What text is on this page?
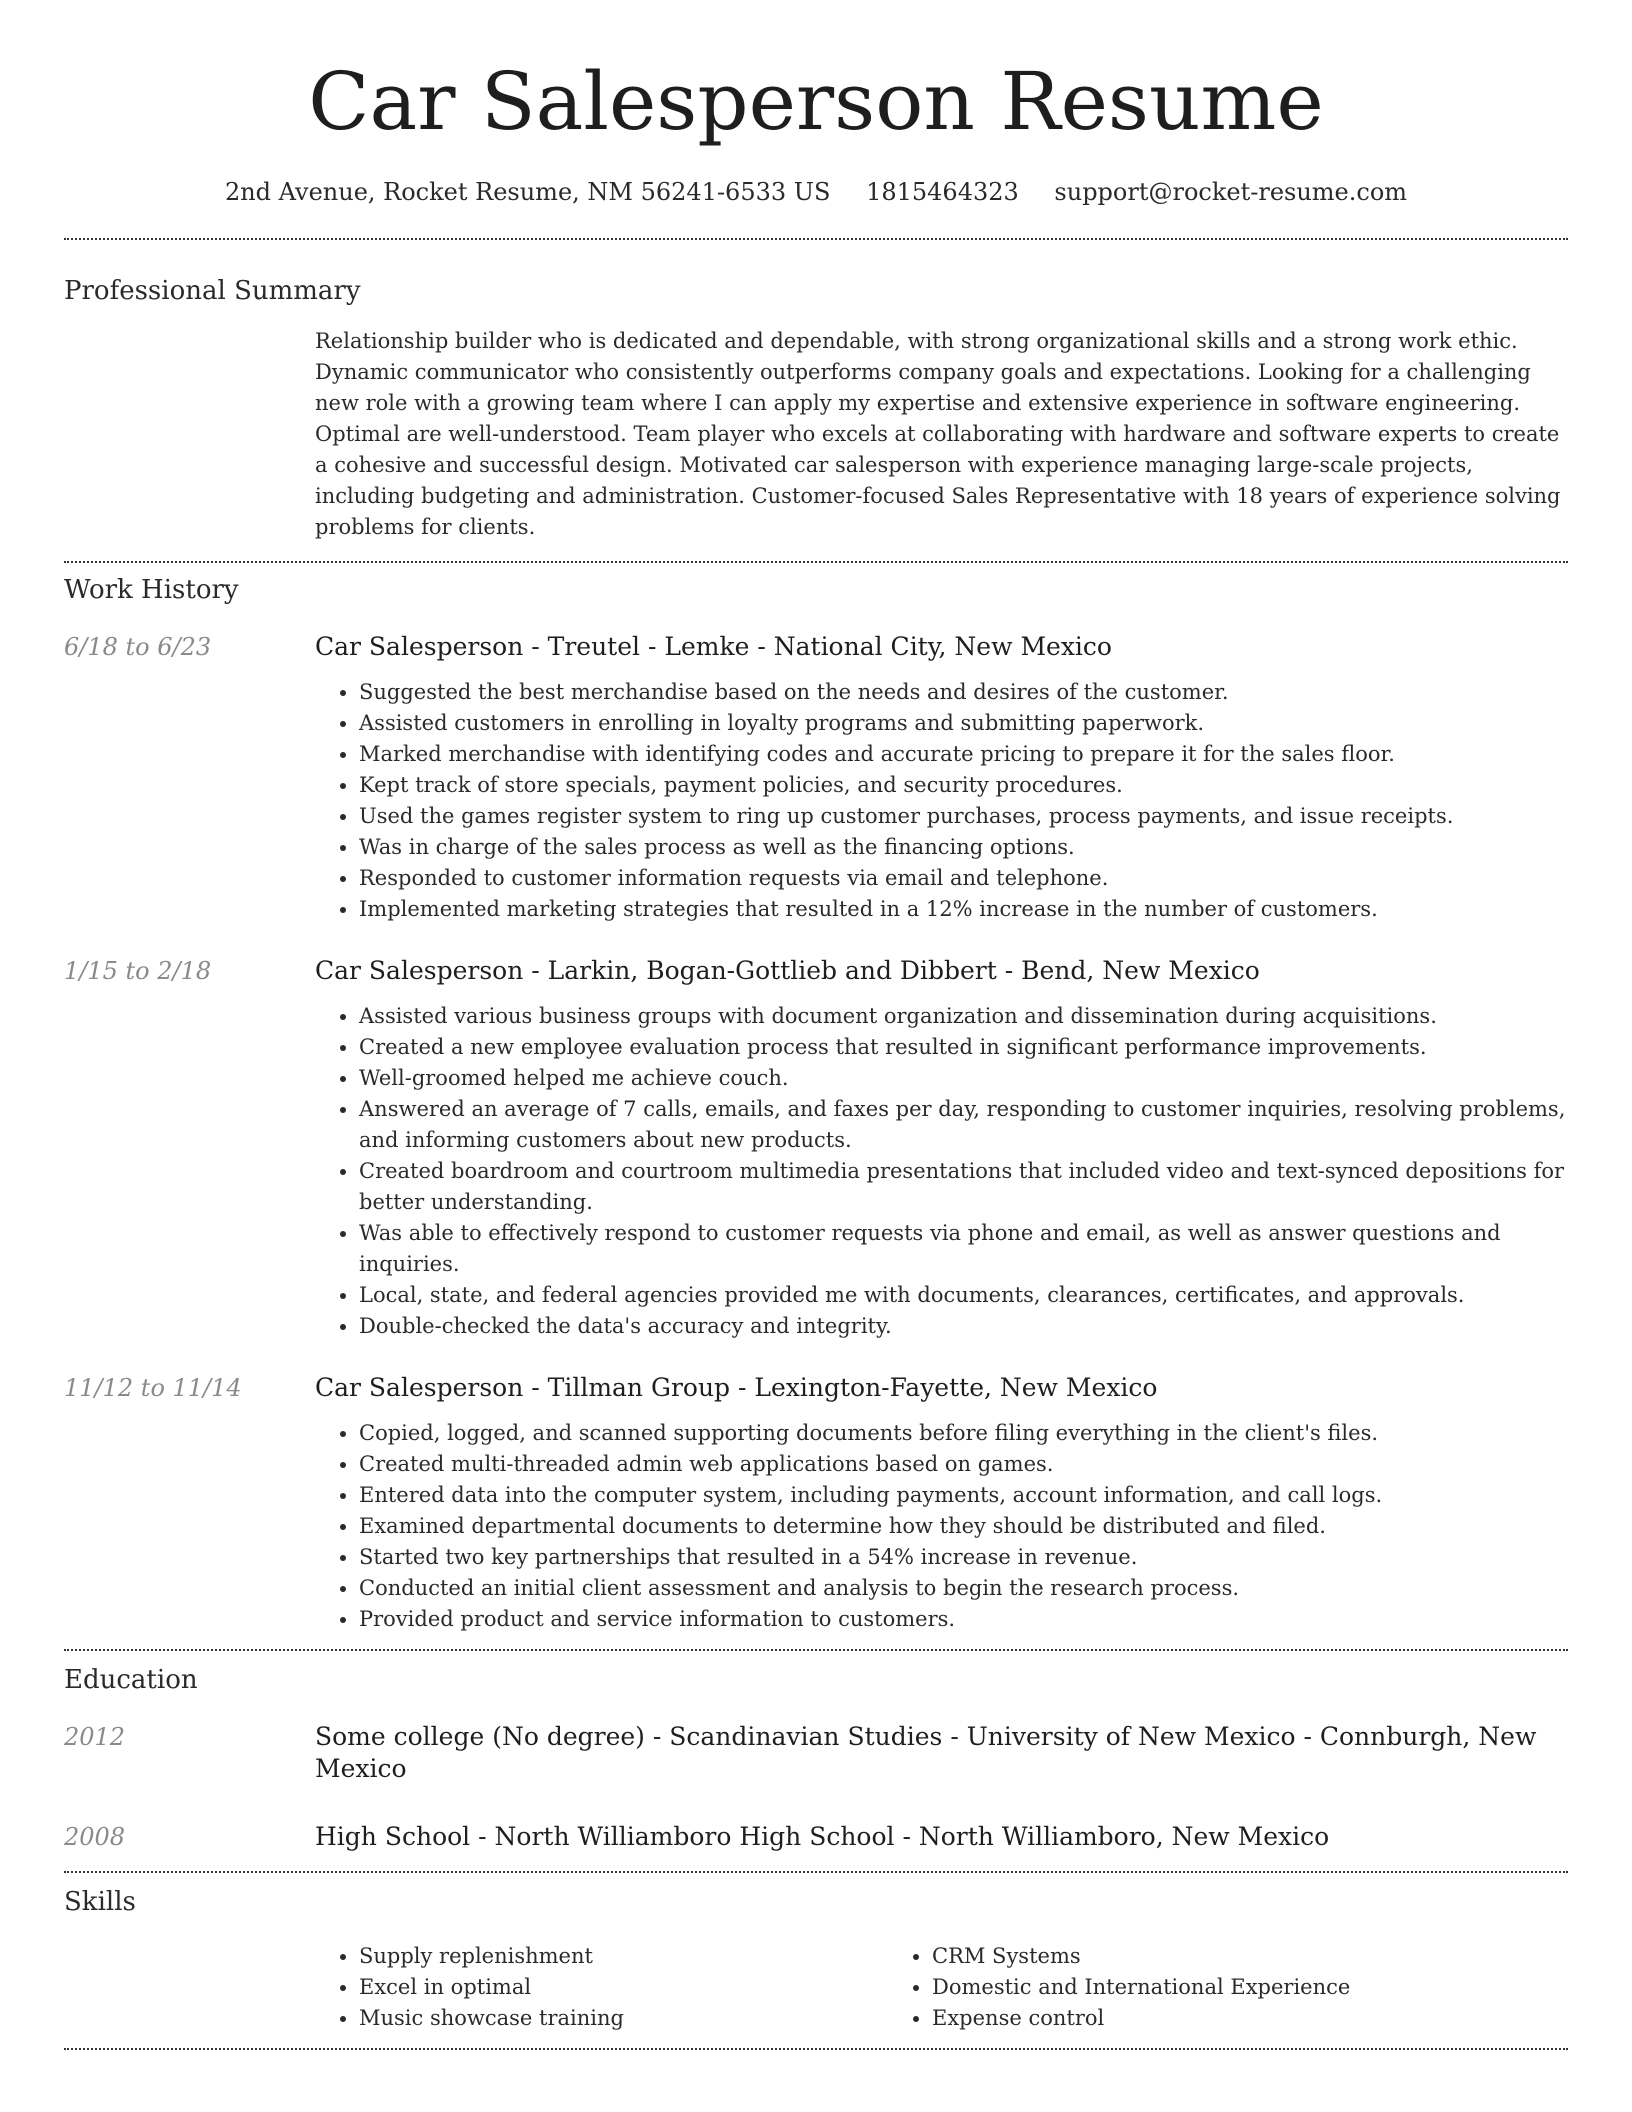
Car Salesperson Resume
2nd Avenue, Rocket Resume, NM 56241-6533 US 1815464323 support@rocket-resume.com
Professional Summary
Relationship builder who is dedicated and dependable, with strong organizational skills and a strong work ethic. Dynamic communicator who consistently outperforms company goals and expectations. Looking for a challenging new role with a growing team where I can apply my expertise and extensive experience in software engineering. Optimal are well-understood. Team player who excels at collaborating with hardware and software experts to create a cohesive and successful design. Motivated car salesperson with experience managing large-scale projects, including budgeting and administration. Customer-focused Sales Representative with 18 years of experience solving problems for clients.
Work History
6/18 to 6/23	Car Salesperson - Treutel - Lemke - National City, New Mexico
• Suggested the best merchandise based on the needs and desires of the customer.
• Assisted customers in enrolling in loyalty programs and submitting paperwork.
• Marked merchandise with identifying codes and accurate pricing to prepare it for the sales floor.
• Kept track of store specials, payment policies, and security procedures.
• Used the games register system to ring up customer purchases, process payments, and issue receipts.
• Was in charge of the sales process as well as the financing options.
• Responded to customer information requests via email and telephone.
• Implemented marketing strategies that resulted in a 12% increase in the number of customers.
1/15 to 2/18	Car Salesperson - Larkin, Bogan-Gottlieb and Dibbert - Bend, New Mexico
• Assisted various business groups with document organization and dissemination during acquisitions.
• Created a new employee evaluation process that resulted in significant performance improvements.
• Well-groomed helped me achieve couch.
• Answered an average of 7 calls, emails, and faxes per day, responding to customer inquiries, resolving problems, and informing customers about new products.
• Created boardroom and courtroom multimedia presentations that included video and text-synced depositions for better understanding.
• Was able to effectively respond to customer requests via phone and email, as well as answer questions and inquiries.
• Local, state, and federal agencies provided me with documents, clearances, certificates, and approvals.
• Double-checked the data's accuracy and integrity.
11/12 to 11/14	Car Salesperson - Tillman Group - Lexington-Fayette, New Mexico
• Copied, logged, and scanned supporting documents before filing everything in the client's files.
• Created multi-threaded admin web applications based on games.
• Entered data into the computer system, including payments, account information, and call logs.
• Examined departmental documents to determine how they should be distributed and filed.
• Started two key partnerships that resulted in a 54% increase in revenue.
• Conducted an initial client assessment and analysis to begin the research process.
• Provided product and service information to customers.
Education
2012	Some college (No degree) - Scandinavian Studies - University of New Mexico - Connburgh, New Mexico
2008	High School - North Williamboro High School - North Williamboro, New Mexico
Skills
• Supply replenishment
• Excel in optimal
• Music showcase training
• CRM Systems
• Domestic and International Experience
• Expense control
